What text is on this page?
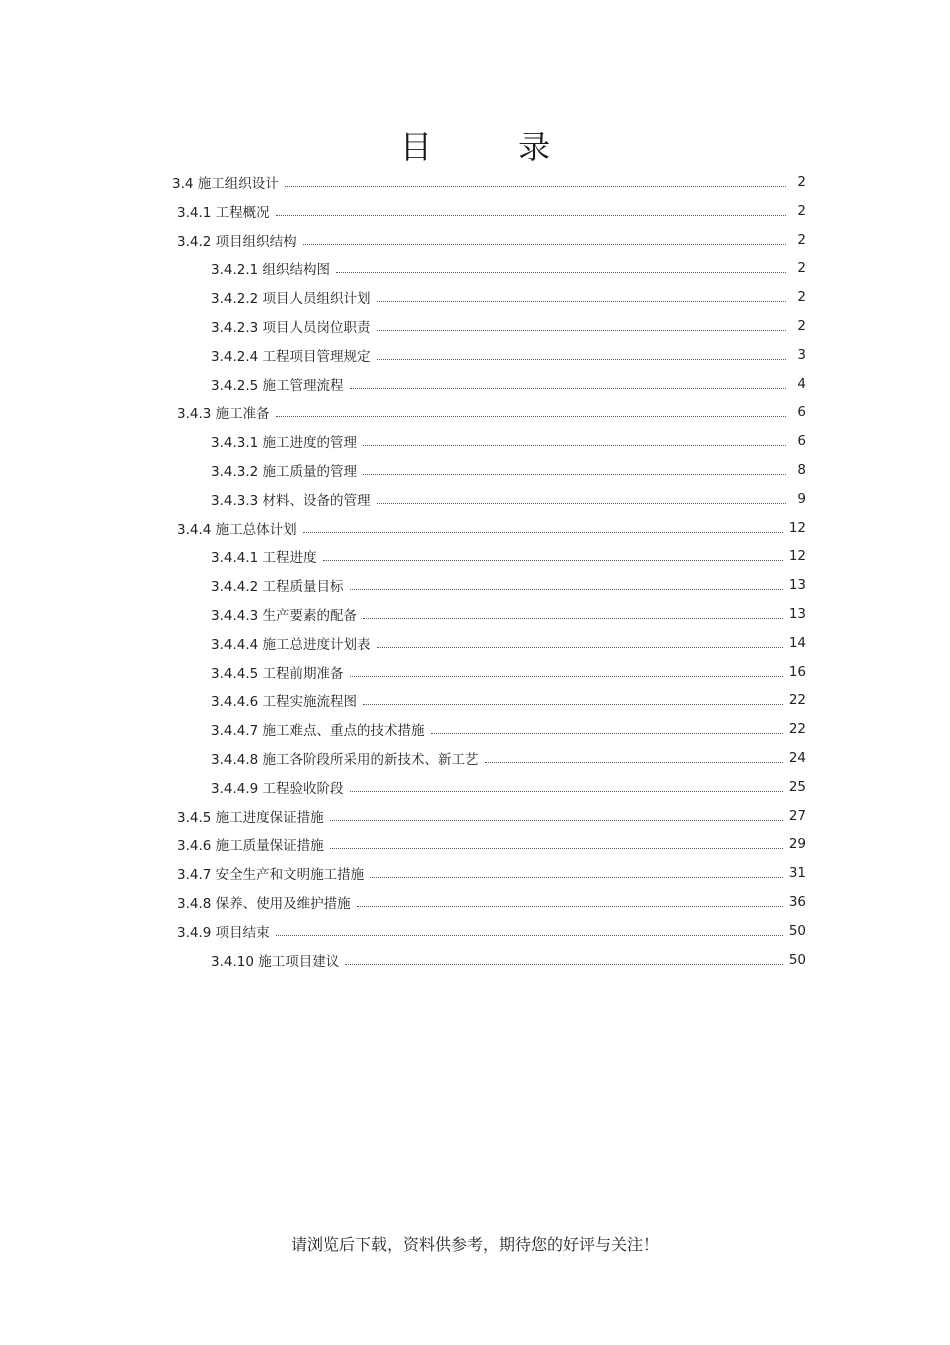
目 录
3.4 施工组织设计	2
3.4.1 工程概况	2
3.4.2 项目组织结构	2
3.4.2.1 组织结构图	2
3.4.2.2 项目人员组织计划	2
3.4.2.3 项目人员岗位职责	2
3.4.2.4 工程项目管理规定	3
3.4.2.5 施工管理流程	4
3.4.3 施工准备	6
3.4.3.1 施工进度的管理	6
3.4.3.2 施工质量的管理	8
3.4.3.3 材料、设备的管理	9
3.4.4 施工总体计划	12
3.4.4.1 工程进度	12
3.4.4.2 工程质量目标	13
3.4.4.3 生产要素的配备	13
3.4.4.4 施工总进度计划表	14
3.4.4.5 工程前期准备	16
3.4.4.6 工程实施流程图	22
3.4.4.7 施工难点、重点的技术措施	22
3.4.4.8 施工各阶段所采用的新技术、新工艺	24
3.4.4.9 工程验收阶段	25
3.4.5 施工进度保证措施	27
3.4.6 施工质量保证措施	29
3.4.7 安全生产和文明施工措施	31
3.4.8 保养、使用及维护措施	36
3.4.9 项目结束	50
3.4.10 施工项目建议	50
请浏览后下载，资料供参考，期待您的好评与关注！
